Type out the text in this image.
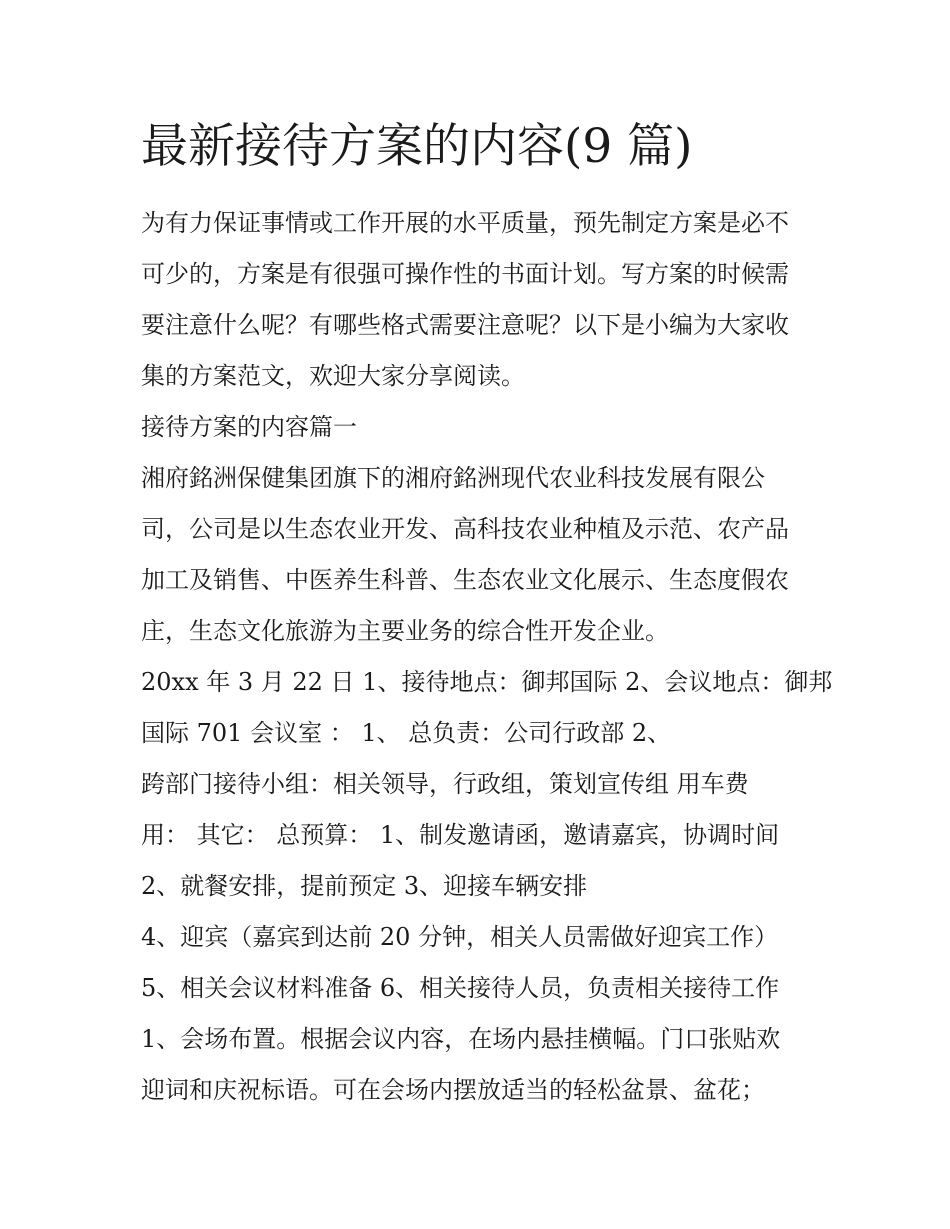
最新接待方案的内容(9 篇)

为有力保证事情或工作开展的水平质量，预先制定方案是必不

可少的，方案是有很强可操作性的书面计划。写方案的时候需

要注意什么呢？有哪些格式需要注意呢？以下是小编为大家收

集的方案范文，欢迎大家分享阅读。

接待方案的内容篇一

湘府銘洲保健集团旗下的湘府銘洲现代农业科技发展有限公

司，公司是以生态农业开发、高科技农业种植及示范、农产品

加工及销售、中医养生科普、生态农业文化展示、生态度假农

庄，生态文化旅游为主要业务的综合性开发企业。

20xx 年 3 月 22 日 1、接待地点：御邦国际 2、会议地点：御邦

国际 701 会议室 ： 1、 总负责：公司行政部 2、

跨部门接待小组：相关领导，行政组，策划宣传组 用车费

用： 其它： 总预算： 1、制发邀请函，邀请嘉宾，协调时间

2、就餐安排，提前预定 3、迎接车辆安排

4、迎宾（嘉宾到达前 20 分钟，相关人员需做好迎宾工作）

5、相关会议材料准备 6、相关接待人员，负责相关接待工作

1、会场布置。根据会议内容，在场内悬挂横幅。门口张贴欢

迎词和庆祝标语。可在会场内摆放适当的轻松盆景、盆花；
